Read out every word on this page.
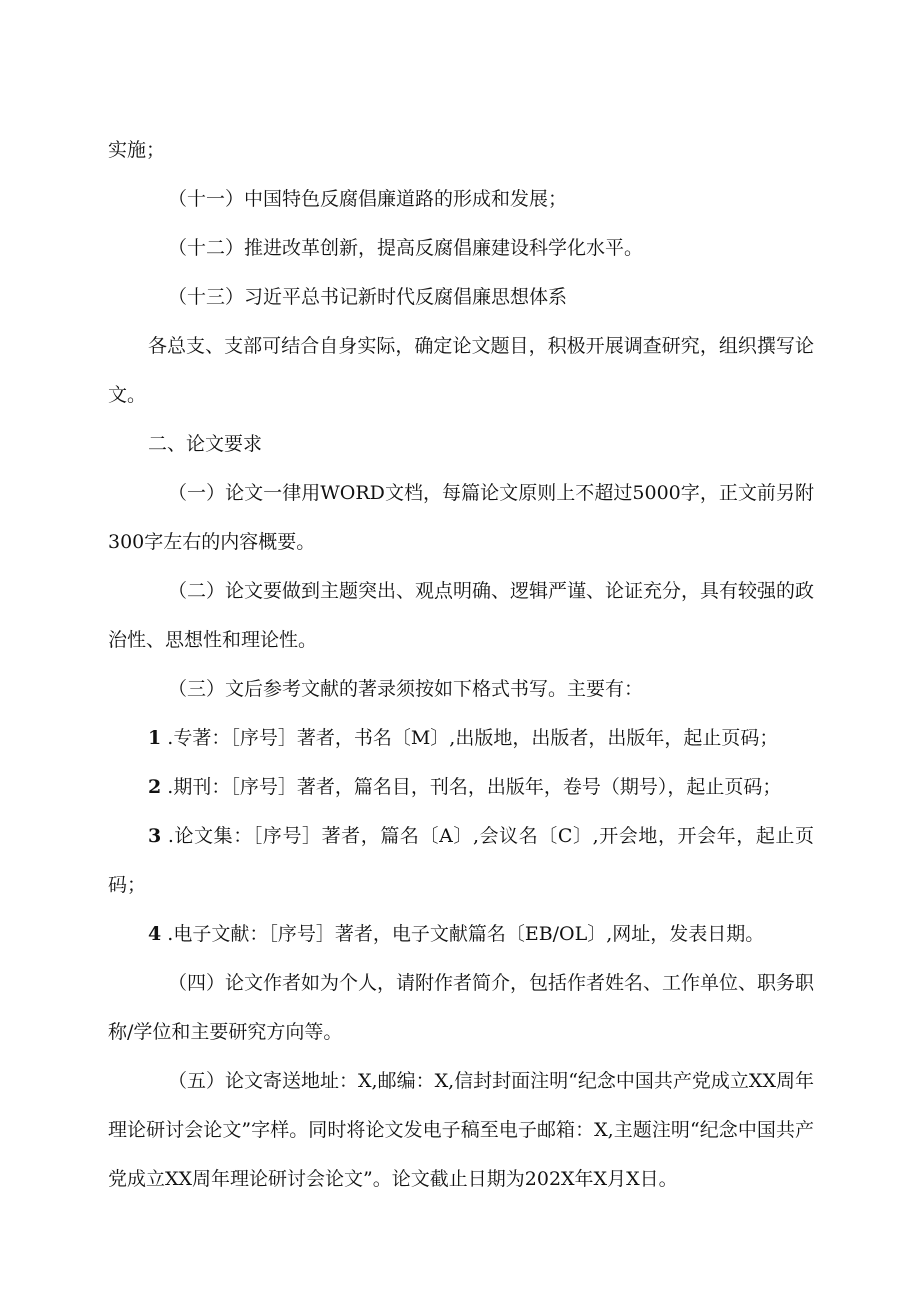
实施；

（十一）中国特色反腐倡廉道路的形成和发展；

（十二）推进改革创新，提高反腐倡廉建设科学化水平。

（十三）习近平总书记新时代反腐倡廉思想体系

各总支、支部可结合自身实际，确定论文题目，积极开展调查研究，组织撰写论文。

二、论文要求

（一）论文一律用WORD文档，每篇论文原则上不超过5000字，正文前另附300字左右的内容概要。

（二）论文要做到主题突出、观点明确、逻辑严谨、论证充分，具有较强的政治性、思想性和理论性。

（三）文后参考文献的著录须按如下格式书写。主要有：

1 .专著：［序号］著者，书名〔M〕,出版地，出版者，出版年，起止页码；

2 .期刊：［序号］著者，篇名目，刊名，出版年，卷号（期号），起止页码；

3 .论文集：［序号］著者，篇名〔A〕,会议名〔C〕,开会地，开会年，起止页码；

4 .电子文献：［序号］著者，电子文献篇名〔EB/OL〕,网址，发表日期。

（四）论文作者如为个人，请附作者简介，包括作者姓名、工作单位、职务职称/学位和主要研究方向等。

（五）论文寄送地址：X,邮编：X,信封封面注明“纪念中国共产党成立XX周年理论研讨会论文”字样。同时将论文发电子稿至电子邮箱：X,主题注明“纪念中国共产党成立XX周年理论研讨会论文”。论文截止日期为202X年X月X日。
